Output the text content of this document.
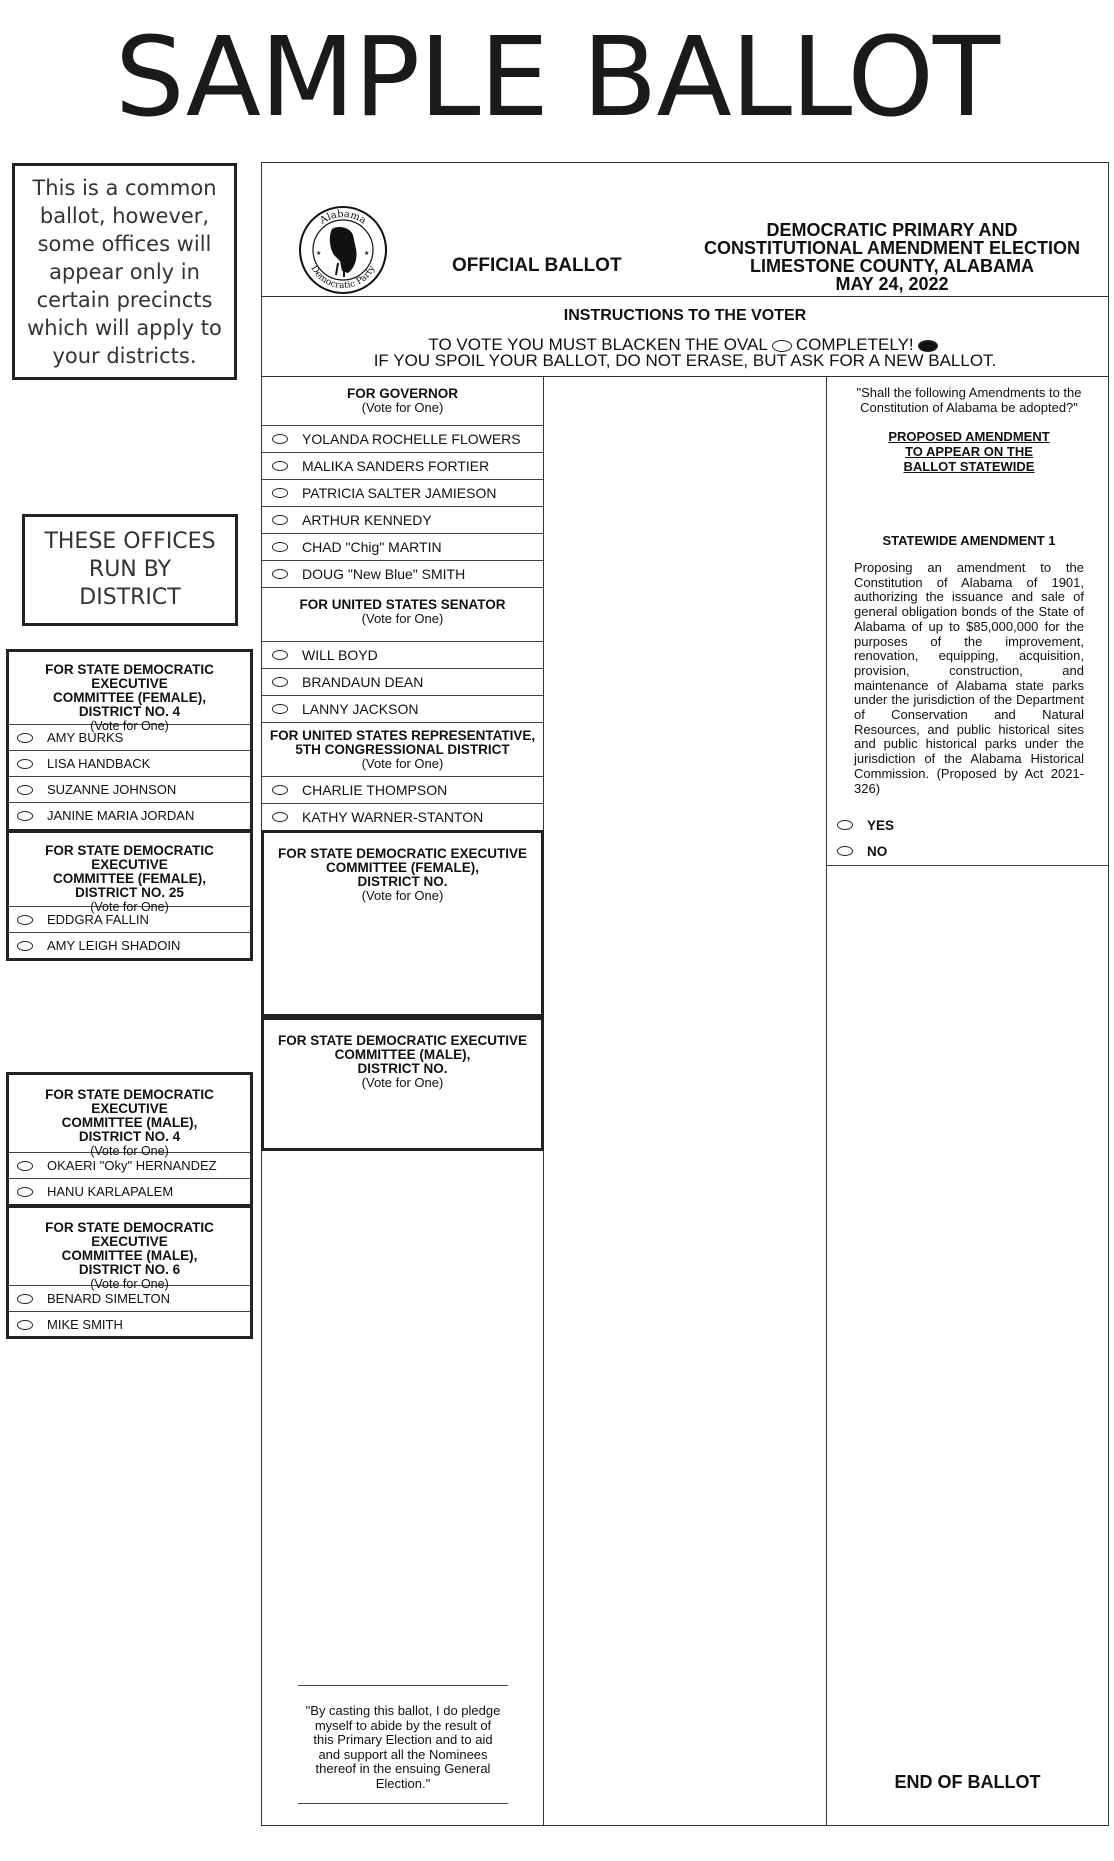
SAMPLE BALLOT
This is a common ballot, however, some offices will appear only in certain precincts which will apply to your districts.
THESE OFFICES RUN BY DISTRICT
Alabama
Democratic Party
★	★
OFFICIAL BALLOT
DEMOCRATIC PRIMARY AND
CONSTITUTIONAL AMENDMENT ELECTION
LIMESTONE COUNTY, ALABAMA
MAY 24, 2022
INSTRUCTIONS TO THE VOTER
TO VOTE YOU MUST BLACKEN THE OVAL COMPLETELY!
IF YOU SPOIL YOUR BALLOT, DO NOT ERASE, BUT ASK FOR A NEW BALLOT.
FOR GOVERNOR
(Vote for One)
YOLANDA ROCHELLE FLOWERS
MALIKA SANDERS FORTIER
PATRICIA SALTER JAMIESON
ARTHUR KENNEDY
CHAD "Chig" MARTIN
DOUG "New Blue" SMITH
FOR UNITED STATES SENATOR
(Vote for One)
WILL BOYD
BRANDAUN DEAN
LANNY JACKSON
FOR UNITED STATES REPRESENTATIVE,
5TH CONGRESSIONAL DISTRICT
(Vote for One)
CHARLIE THOMPSON
KATHY WARNER-STANTON
FOR STATE DEMOCRATIC EXECUTIVE
COMMITTEE (FEMALE),
DISTRICT NO.
(Vote for One)
FOR STATE DEMOCRATIC EXECUTIVE
COMMITTEE (MALE),
DISTRICT NO.
(Vote for One)
"By casting this ballot, I do pledge myself to abide by the result of this Primary Election and to aid and support all the Nominees thereof in the ensuing General Election."
"Shall the following Amendments to the Constitution of Alabama be adopted?"
PROPOSED AMENDMENT
TO APPEAR ON THE
BALLOT STATEWIDE
STATEWIDE AMENDMENT 1
Proposing an amendment to the Constitution of Alabama of 1901, authorizing the issuance and sale of general obligation bonds of the State of Alabama of up to $85,000,000 for the purposes of the improvement, renovation, equipping, acquisition, provision, construction, and maintenance of Alabama state parks under the jurisdiction of the Department of Conservation and Natural Resources, and public historical sites and public historical parks under the jurisdiction of the Alabama Historical Commission. (Proposed by Act 2021-326)
YES
NO
END OF BALLOT
FOR STATE DEMOCRATIC EXECUTIVE
COMMITTEE (FEMALE),
DISTRICT NO. 4
(Vote for One)
AMY BURKS
LISA HANDBACK
SUZANNE JOHNSON
JANINE MARIA JORDAN
FOR STATE DEMOCRATIC EXECUTIVE
COMMITTEE (FEMALE),
DISTRICT NO. 25
(Vote for One)
EDDGRA FALLIN
AMY LEIGH SHADOIN
FOR STATE DEMOCRATIC EXECUTIVE
COMMITTEE (MALE),
DISTRICT NO. 4
(Vote for One)
OKAERI "Oky" HERNANDEZ
HANU KARLAPALEM
FOR STATE DEMOCRATIC EXECUTIVE
COMMITTEE (MALE),
DISTRICT NO. 6
(Vote for One)
BENARD SIMELTON
MIKE SMITH
